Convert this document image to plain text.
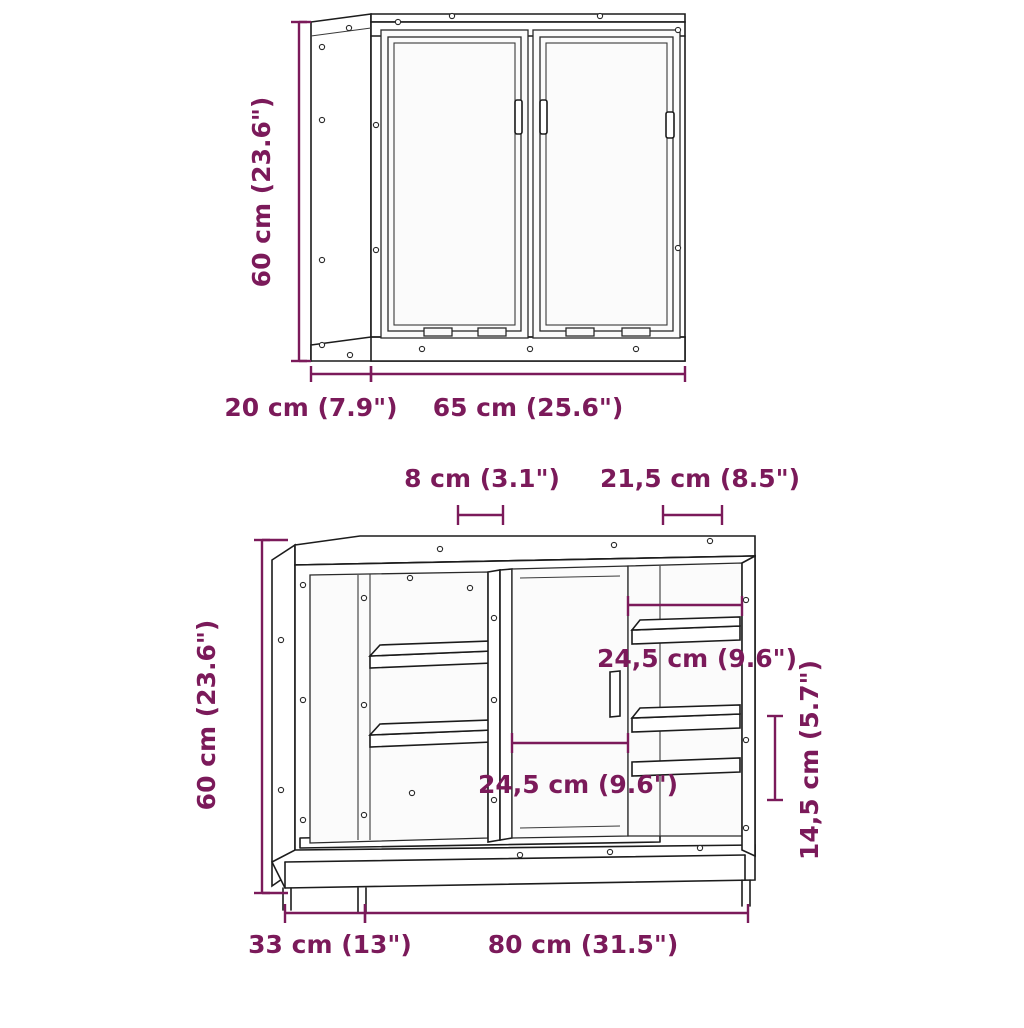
60 cm (23.6")
20 cm (7.9") 65 cm (25.6")
8 cm (3.1") 21,5 cm (8.5")
60 cm (23.6")	24,5 cm (9.6")
24,5 cm (9.6")	14,5 cm (5.7")
33 cm (13")	80 cm (31.5")
